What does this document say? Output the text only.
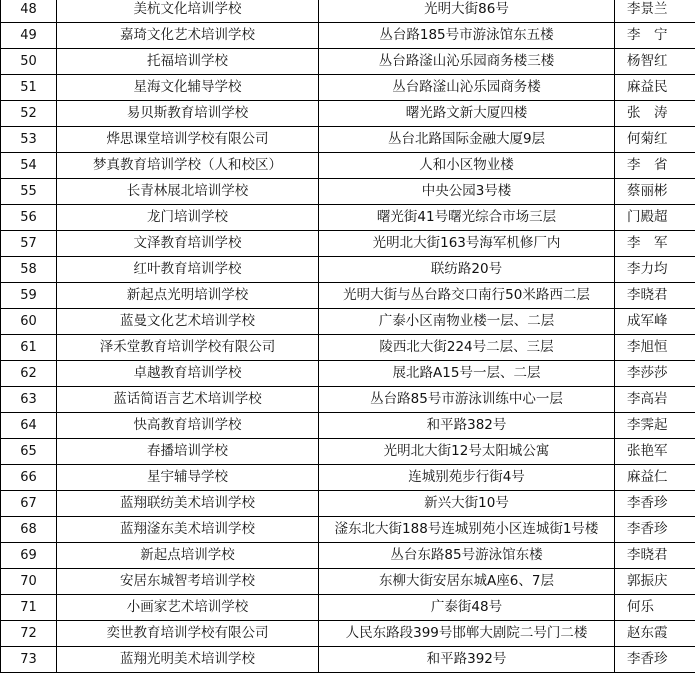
48	美杭文化培训学校	光明大街86号	李景兰
49	嘉琦文化艺术培训学校	丛台路185号市游泳馆东五楼	李　宁
50	托福培训学校	丛台路滏山沁乐园商务楼三楼	杨智红
51	星海文化辅导学校	丛台路滏山沁乐园商务楼	麻益民
52	易贝斯教育培训学校	曙光路文新大厦四楼	张　涛
53	烨思课堂培训学校有限公司	丛台北路国际金融大厦9层	何菊红
54	梦真教育培训学校（人和校区）	人和小区物业楼	李　省
55	长青林展北培训学校	中央公园3号楼	蔡丽彬
56	龙门培训学校	曙光街41号曙光综合市场三层	门殿超
57	文泽教育培训学校	光明北大街163号海军机修厂内	李　军
58	红叶教育培训学校	联纺路20号	李力均
59	新起点光明培训学校	光明大街与丛台路交口南行50米路西二层	李晓君
60	蓝曼文化艺术培训学校	广泰小区南物业楼一层、二层	成军峰
61	泽禾堂教育培训学校有限公司	陵西北大街224号二层、三层	李旭恒
62	卓越教育培训学校	展北路A15号一层、二层	李莎莎
63	蓝话简语言艺术培训学校	丛台路85号市游泳训练中心一层	李高岩
64	快高教育培训学校	和平路382号	李霁起
65	春播培训学校	光明北大街12号太阳城公寓	张艳军
66	星宇辅导学校	连城别苑步行街4号	麻益仁
67	蓝翔联纺美术培训学校	新兴大街10号	李香珍
68	蓝翔滏东美术培训学校	滏东北大街188号连城别苑小区连城街1号楼	李香珍
69	新起点培训学校	丛台东路85号游泳馆东楼	李晓君
70	安居东城智考培训学校	东柳大街安居东城A座6、7层	郭振庆
71	小画家艺术培训学校	广泰街48号	何乐
72	奕世教育培训学校有限公司	人民东路段399号邯郸大剧院二号门二楼	赵东霞
73	蓝翔光明美术培训学校	和平路392号	李香珍
